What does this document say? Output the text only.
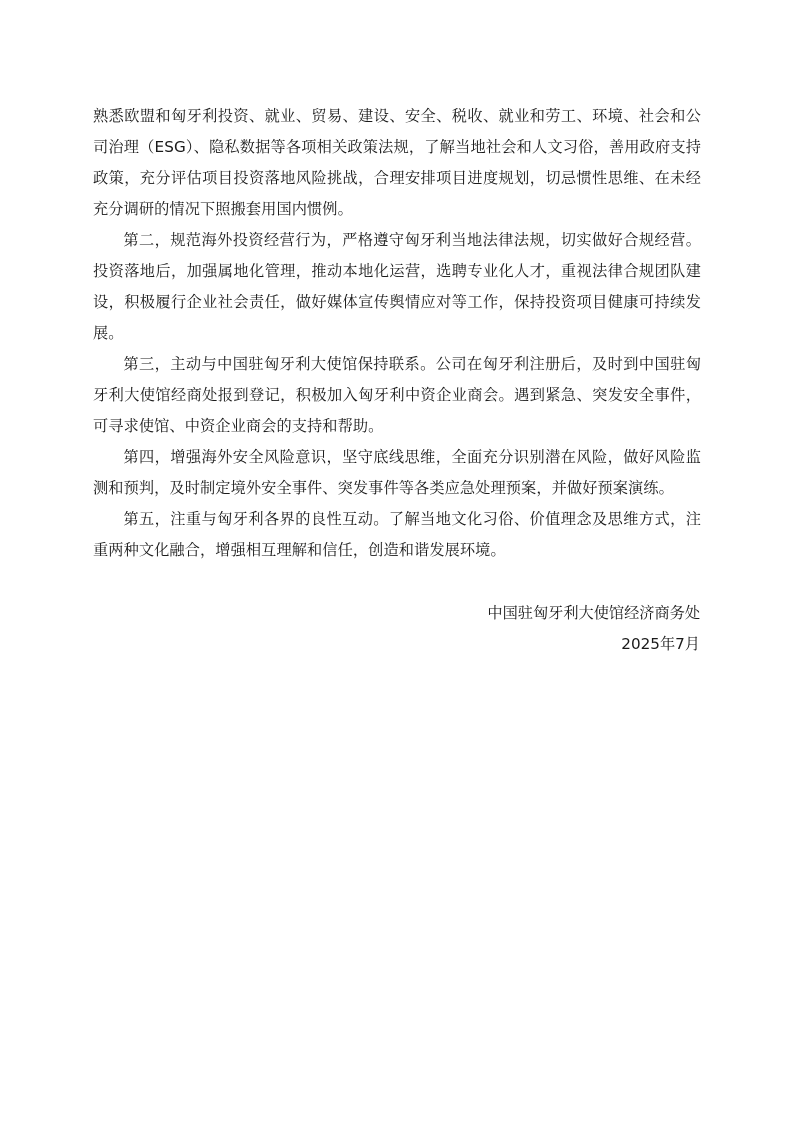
熟悉欧盟和匈牙利投资、就业、贸易、建设、安全、税收、就业和劳工、环境、社会和公司治理（ESG）、隐私数据等各项相关政策法规，了解当地社会和人文习俗，善用政府支持政策，充分评估项目投资落地风险挑战，合理安排项目进度规划，切忌惯性思维、在未经充分调研的情况下照搬套用国内惯例。

第二，规范海外投资经营行为，严格遵守匈牙利当地法律法规，切实做好合规经营。投资落地后，加强属地化管理，推动本地化运营，选聘专业化人才，重视法律合规团队建设，积极履行企业社会责任，做好媒体宣传舆情应对等工作，保持投资项目健康可持续发展。

第三，主动与中国驻匈牙利大使馆保持联系。公司在匈牙利注册后，及时到中国驻匈牙利大使馆经商处报到登记，积极加入匈牙利中资企业商会。遇到紧急、突发安全事件，可寻求使馆、中资企业商会的支持和帮助。

第四，增强海外安全风险意识，坚守底线思维，全面充分识别潜在风险，做好风险监测和预判，及时制定境外安全事件、突发事件等各类应急处理预案，并做好预案演练。

第五，注重与匈牙利各界的良性互动。了解当地文化习俗、价值理念及思维方式，注重两种文化融合，增强相互理解和信任，创造和谐发展环境。

中国驻匈牙利大使馆经济商务处
2025年7月
